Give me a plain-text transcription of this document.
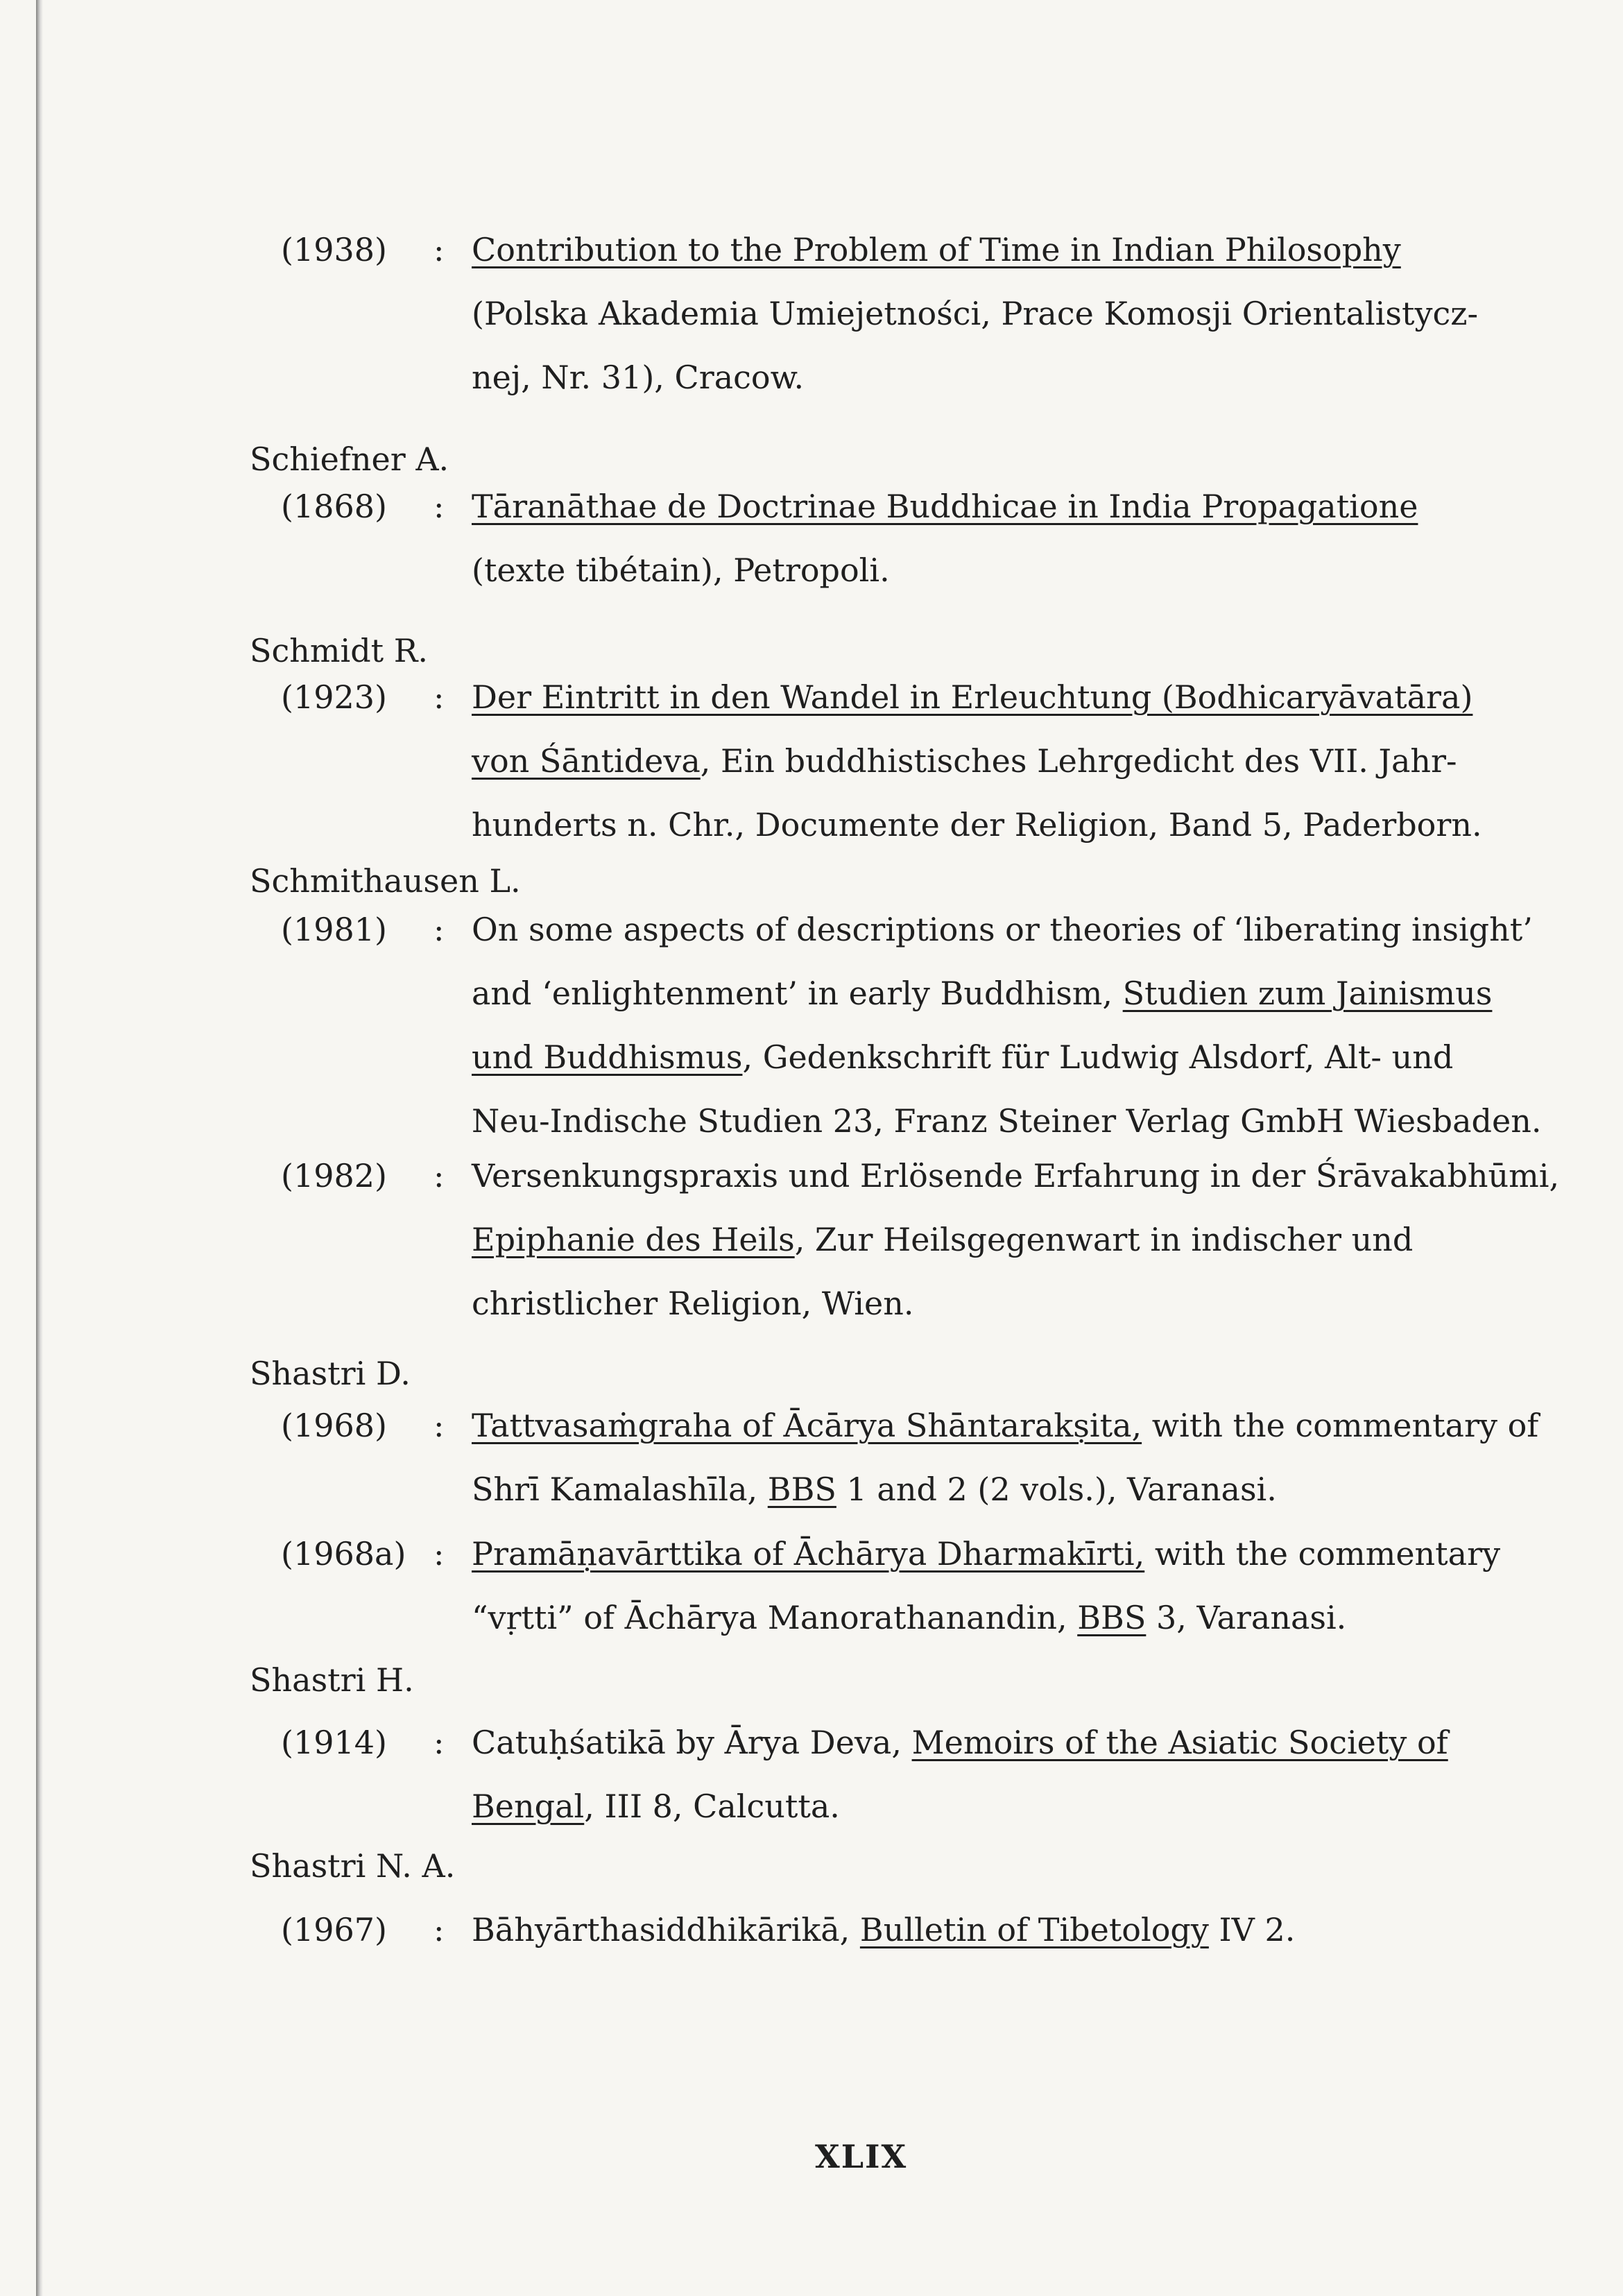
(1938) : Contribution to the Problem of Time in Indian Philosophy
(Polska Akademia Umiejetnośсi, Prace Komosji Orientalistycz-
nej, Nr. 31), Cracow.
Schiefner A.
(1868) : Tāranāthae de Doctrinae Buddhicae in India Propagatione
(texte tibétain), Petropoli.
Schmidt R.
(1923) : Der Eintritt in den Wandel in Erleuchtung (Bodhicaryāvatāra)
von Śāntideva, Ein buddhistisches Lehrgedicht des VII. Jahr-
hunderts n. Chr., Documente der Religion, Band 5, Paderborn.
Schmithausen L.
(1981) : On some aspects of descriptions or theories of ‘liberating insight’
and ‘enlightenment’ in early Buddhism, Studien zum Jainismus
und Buddhismus, Gedenkschrift für Ludwig Alsdorf, Alt- und
Neu-Indische Studien 23, Franz Steiner Verlag GmbH Wiesbaden.
(1982) : Versenkungspraxis und Erlösende Erfahrung in der Śrāvakabhūmi,
Epiphanie des Heils, Zur Heilsgegenwart in indischer und
christlicher Religion, Wien.
Shastri D.
(1968) : Tattvasaṁgraha of Ācārya Shāntarakṣita, with the commentary of
Shrī Kamalashīla, BBS 1 and 2 (2 vols.), Varanasi.
(1968a) : Pramāṇavārttika of Āchārya Dharmakīrti, with the commentary
“vṛtti” of Āchārya Manorathanandin, BBS 3, Varanasi.
Shastri H.
(1914) : Catuḥśatikā by Ārya Deva, Memoirs of the Asiatic Society of
Bengal, III 8, Calcutta.
Shastri N. A.
(1967) : Bāhyārthasiddhikārikā, Bulletin of Tibetology IV 2.
XLIX
